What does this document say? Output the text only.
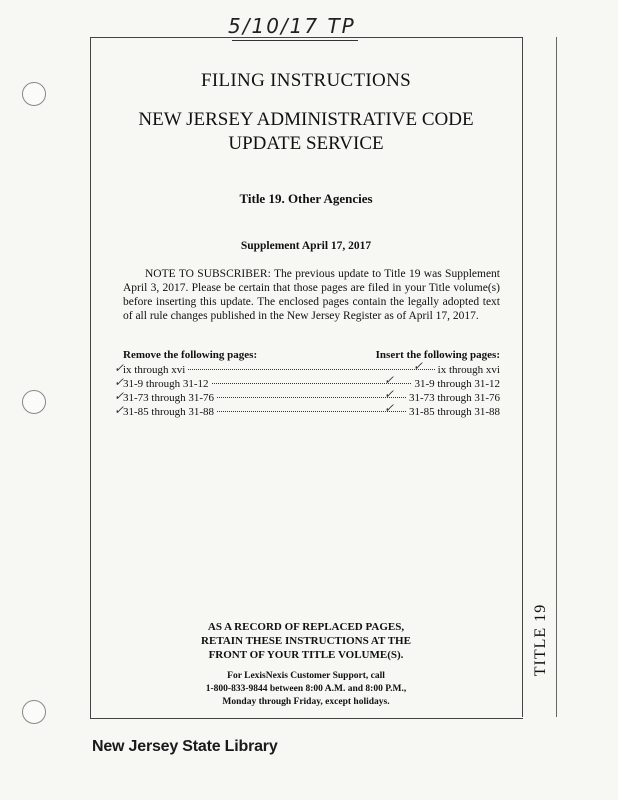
5/10/17 TP
FILING INSTRUCTIONS
NEW JERSEY ADMINISTRATIVE CODE
UPDATE SERVICE
Title 19. Other Agencies
Supplement April 17, 2017
NOTE TO SUBSCRIBER: The previous update to Title 19 was Supplement April 3, 2017. Please be certain that those pages are filed in your Title volume(s) before inserting this update. The enclosed pages contain the legally adopted text of all rule changes published in the New Jersey Register as of April 17, 2017.
Remove the following pages:	Insert the following pages:
ix through xvi	ix through xvi
31-9 through 31-12	31-9 through 31-12
31-73 through 31-76	31-73 through 31-76
31-85 through 31-88	31-85 through 31-88
✓
✓
✓
✓
✓
✓
✓
✓
AS A RECORD OF REPLACED PAGES,
RETAIN THESE INSTRUCTIONS AT THE
FRONT OF YOUR TITLE VOLUME(S).
For LexisNexis Customer Support, call
1-800-833-9844 between 8:00 A.M. and 8:00 P.M.,
Monday through Friday, except holidays.
TITLE 19
New Jersey State Library
